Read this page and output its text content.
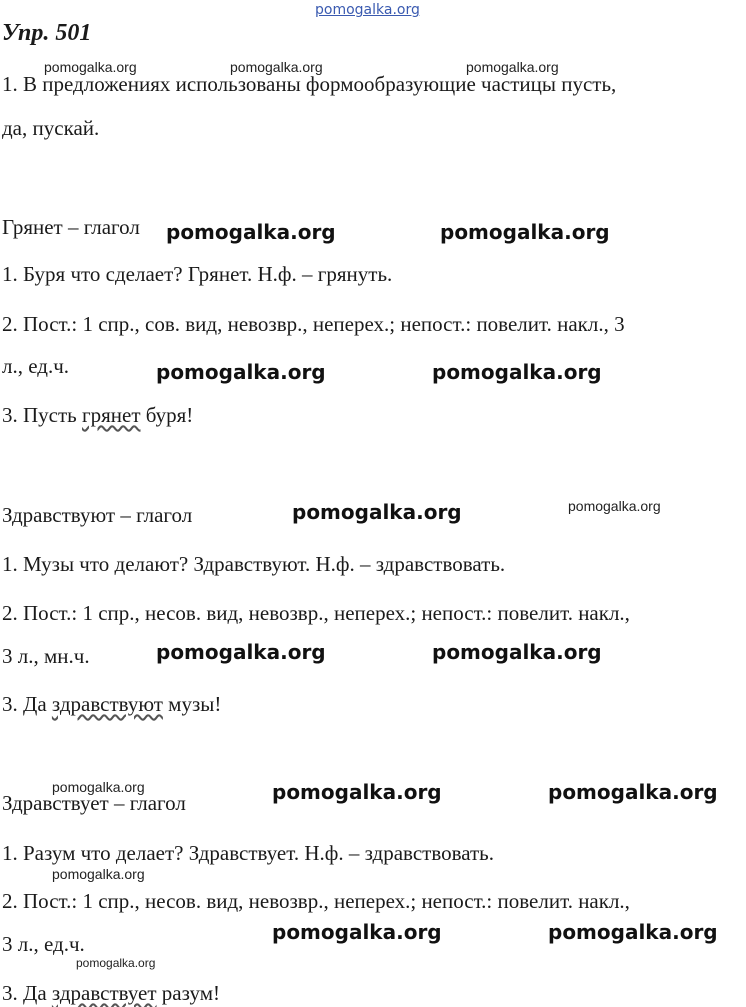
pomogalka.org
pomogalka.org	pomogalka.org	pomogalka.org
pomogalka.org	pomogalka.org
pomogalka.org	pomogalka.org
pomogalka.org	pomogalka.org
pomogalka.org	pomogalka.org
pomogalka.org	pomogalka.org	pomogalka.org
pomogalka.org
pomogalka.org	pomogalka.org
pomogalka.org
Упр. 501
1. В предложениях использованы формообразующие частицы пусть,
да, пускай.
Грянет – глагол
1. Буря что сделает? Грянет. Н.ф. – грянуть.
2. Пост.: 1 спр., сов. вид, невозвр., неперех.; непост.: повелит. накл., 3
л., ед.ч.
3. Пусть грянет буря!
Здравствуют – глагол
1. Музы что делают? Здравствуют. Н.ф. – здравствовать.
2. Пост.: 1 спр., несов. вид, невозвр., неперех.; непост.: повелит. накл.,
3 л., мн.ч.
3. Да здравствуют музы!
Здравствует – глагол
1. Разум что делает? Здравствует. Н.ф. – здравствовать.
2. Пост.: 1 спр., несов. вид, невозвр., неперех.; непост.: повелит. накл.,
3 л., ед.ч.
3. Да здравствует разум!
